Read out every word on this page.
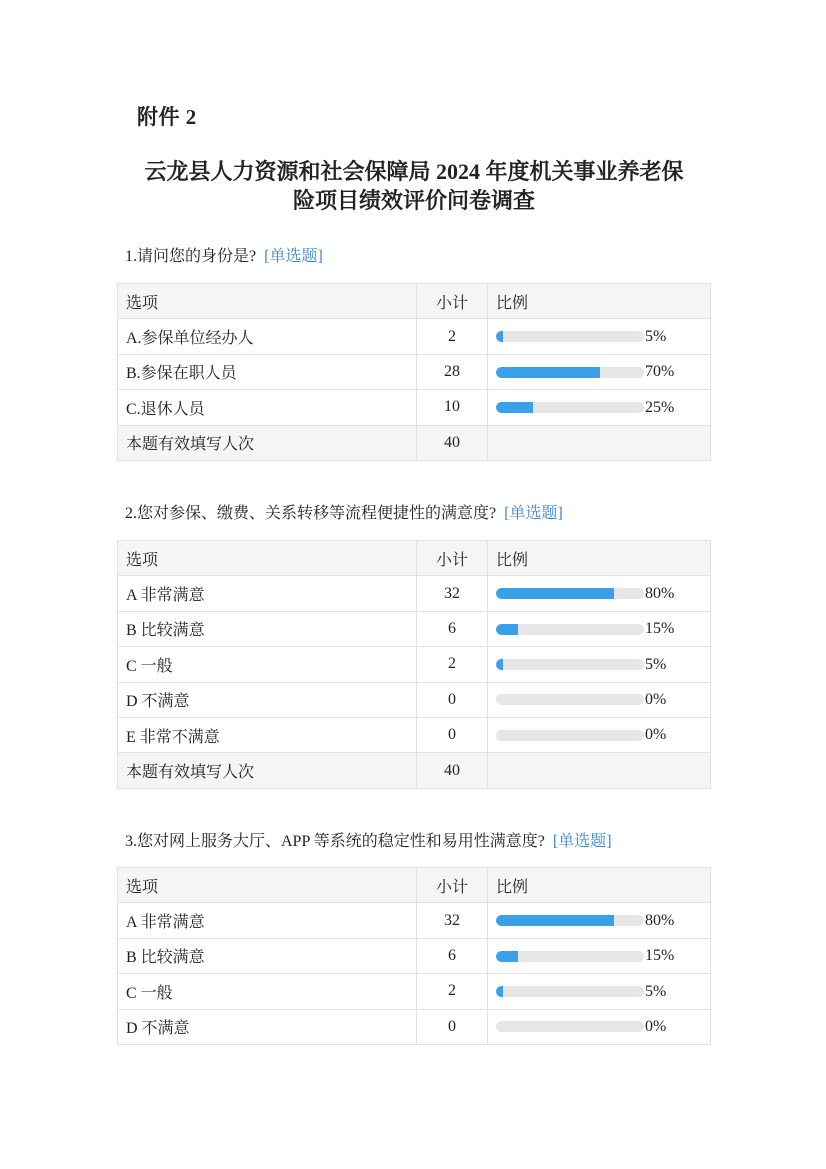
附件 2
云龙县人力资源和社会保障局 2024 年度机关事业养老保
险项目绩效评价问卷调查
1.请问您的身份是? [单选题]
选项	小计	比例
A.参保单位经办人	2	5%
B.参保在职人员	28	70%
C.退休人员	10	25%
本题有效填写人次	40	
2.您对参保、缴费、关系转移等流程便捷性的满意度? [单选题]
选项	小计	比例
A 非常满意	32	80%
B 比较满意	6	15%
C 一般	2	5%
D 不满意	0	0%
E 非常不满意	0	0%
本题有效填写人次	40	
3.您对网上服务大厅、APP 等系统的稳定性和易用性满意度? [单选题]
选项	小计	比例
A 非常满意	32	80%
B 比较满意	6	15%
C 一般	2	5%
D 不满意	0	0%
